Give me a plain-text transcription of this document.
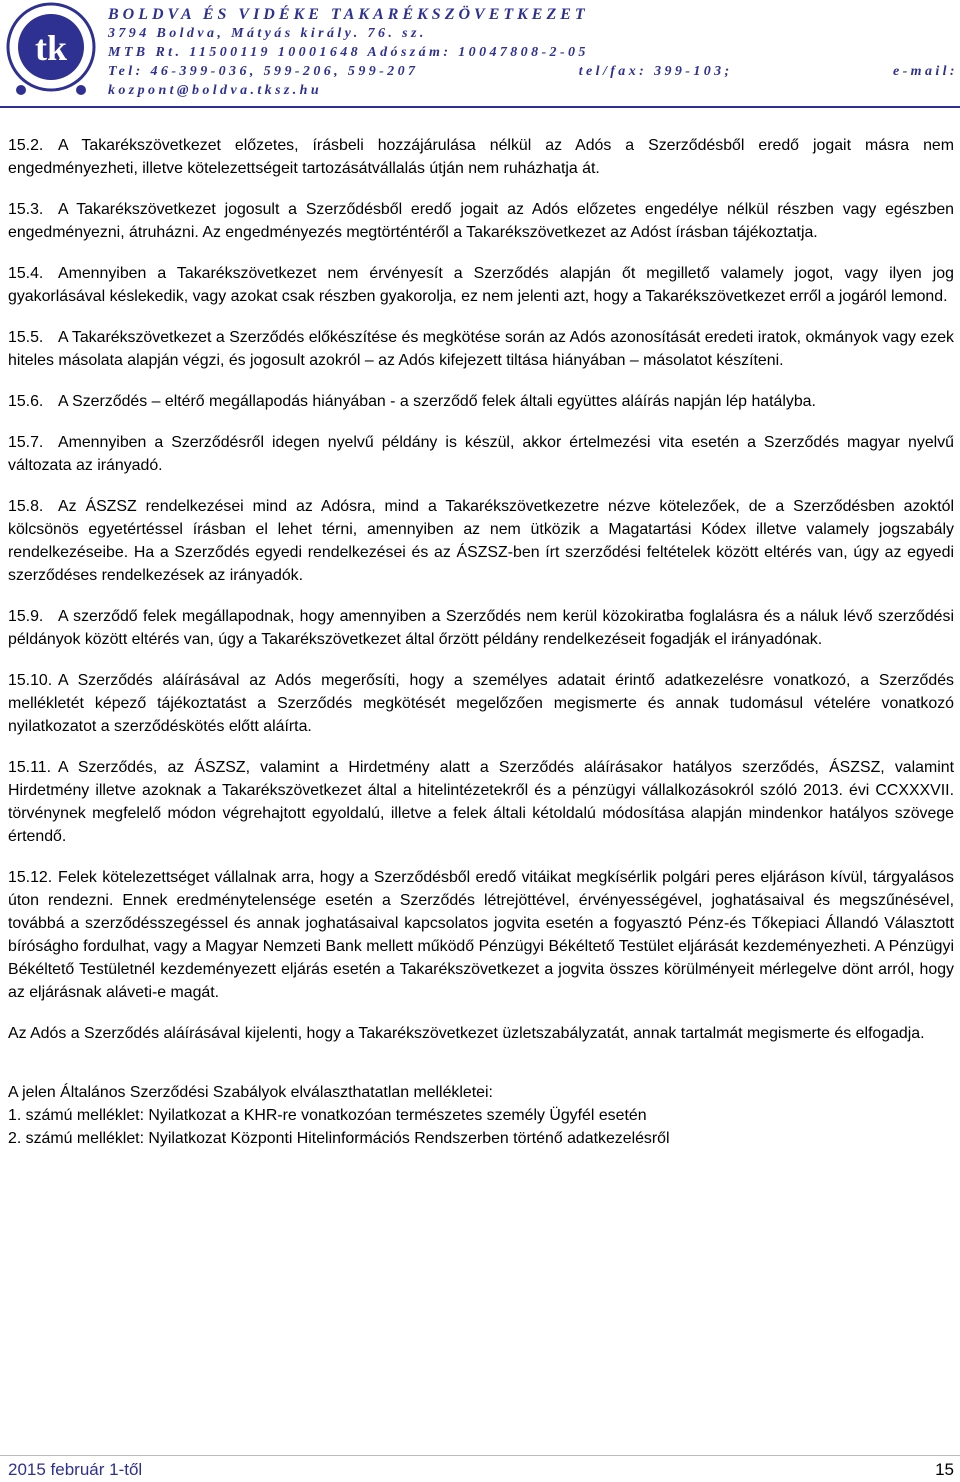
tk
BOLDVA ÉS VIDÉKE TAKARÉKSZÖVETKEZET
3794 Boldva, Mátyás király. 76. sz.
MTB Rt. 11500119 10001648 Adószám: 10047808-2-05
Tel: 46-399-036, 599-206, 599-207	tel/fax: 399-103;	e-mail:
kozpont@boldva.tksz.hu
15.2. A Takarékszövetkezet előzetes, írásbeli hozzájárulása nélkül az Adós a Szerződésből eredő jogait másra nem engedményezheti, illetve kötelezettségeit tartozásátvállalás útján nem ruházhatja át.
15.3. A Takarékszövetkezet jogosult a Szerződésből eredő jogait az Adós előzetes engedélye nélkül részben vagy egészben engedményezni, átruházni. Az engedményezés megtörténtéről a Takarékszövetkezet az Adóst írásban tájékoztatja.
15.4. Amennyiben a Takarékszövetkezet nem érvényesít a Szerződés alapján őt megillető valamely jogot, vagy ilyen jog gyakorlásával késlekedik, vagy azokat csak részben gyakorolja, ez nem jelenti azt, hogy a Takarékszövetkezet erről a jogáról lemond.
15.5. A Takarékszövetkezet a Szerződés előkészítése és megkötése során az Adós azonosítását eredeti iratok, okmányok vagy ezek hiteles másolata alapján végzi, és jogosult azokról – az Adós kifejezett tiltása hiányában – másolatot készíteni.
15.6. A Szerződés – eltérő megállapodás hiányában - a szerződő felek általi együttes aláírás napján lép hatályba.
15.7. Amennyiben a Szerződésről idegen nyelvű példány is készül, akkor értelmezési vita esetén a Szerződés magyar nyelvű változata az irányadó.
15.8. Az ÁSZSZ rendelkezései mind az Adósra, mind a Takarékszövetkezetre nézve kötelezőek, de a Szerződésben azoktól kölcsönös egyetértéssel írásban el lehet térni, amennyiben az nem ütközik a Magatartási Kódex illetve valamely jogszabály rendelkezéseibe. Ha a Szerződés egyedi rendelkezései és az ÁSZSZ-ben írt szerződési feltételek között eltérés van, úgy az egyedi szerződéses rendelkezések az irányadók.
15.9. A szerződő felek megállapodnak, hogy amennyiben a Szerződés nem kerül közokiratba foglalásra és a náluk lévő szerződési példányok között eltérés van, úgy a Takarékszövetkezet által őrzött példány rendelkezéseit fogadják el irányadónak.
15.10. A Szerződés aláírásával az Adós megerősíti, hogy a személyes adatait érintő adatkezelésre vonatkozó, a Szerződés mellékletét képező tájékoztatást a Szerződés megkötését megelőzően megismerte és annak tudomásul vételére vonatkozó nyilatkozatot a szerződéskötés előtt aláírta.
15.11. A Szerződés, az ÁSZSZ, valamint a Hirdetmény alatt a Szerződés aláírásakor hatályos szerződés, ÁSZSZ, valamint Hirdetmény illetve azoknak a Takarékszövetkezet által a hitelintézetekről és a pénzügyi vállalkozásokról szóló 2013. évi CCXXXVII. törvénynek megfelelő módon végrehajtott egyoldalú, illetve a felek általi kétoldalú módosítása alapján mindenkor hatályos szövege értendő.
15.12. Felek kötelezettséget vállalnak arra, hogy a Szerződésből eredő vitáikat megkísérlik polgári peres eljáráson kívül, tárgyalásos úton rendezni. Ennek eredménytelensége esetén a Szerződés létrejöttével, érvényességével, joghatásaival és megszűnésével, továbbá a szerződésszegéssel és annak joghatásaival kapcsolatos jogvita esetén a fogyasztó Pénz-és Tőkepiaci Állandó Választott bíróságho fordulhat, vagy a Magyar Nemzeti Bank mellett működő Pénzügyi Békéltető Testület eljárását kezdeményezheti. A Pénzügyi Békéltető Testületnél kezdeményezett eljárás esetén a Takarékszövetkezet a jogvita összes körülményeit mérlegelve dönt arról, hogy az eljárásnak aláveti-e magát.
Az Adós a Szerződés aláírásával kijelenti, hogy a Takarékszövetkezet üzletszabályzatát, annak tartalmát megismerte és elfogadja.
A jelen Általános Szerződési Szabályok elválaszthatatlan mellékletei:
1. számú melléklet: Nyilatkozat a KHR-re vonatkozóan természetes személy Ügyfél esetén
2. számú melléklet: Nyilatkozat Központi Hitelinformációs Rendszerben történő adatkezelésről
2015 február 1-től	15
